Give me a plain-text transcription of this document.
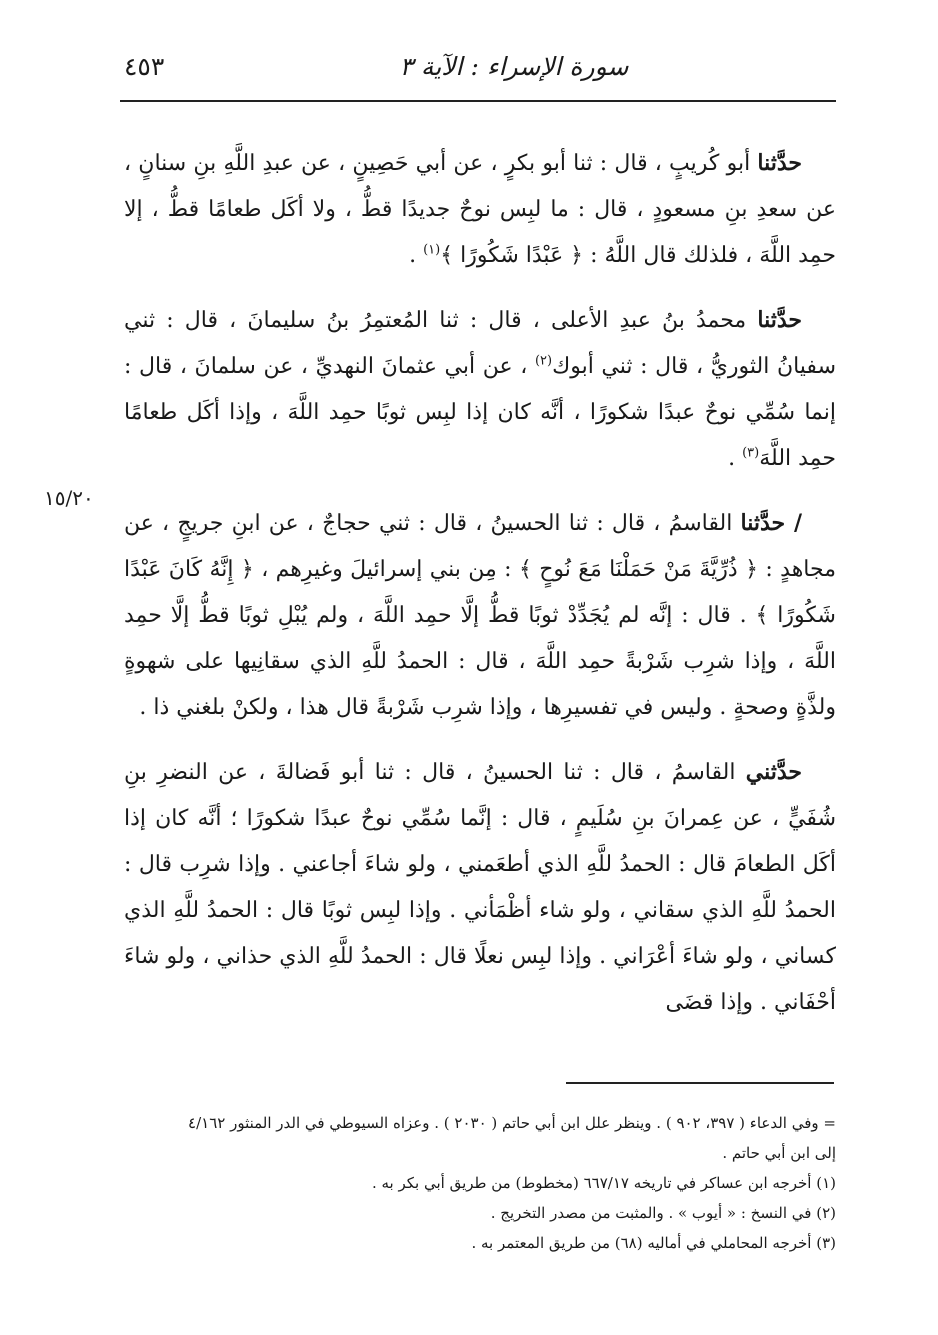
٤٥٣	سورة الإسراء : الآية ٣
١٥/٢٠

حدَّثنا أبو كُريبٍ ، قال : ثنا أبو بكرٍ ، عن أبي حَصِينٍ ، عن عبدِ اللَّهِ بنِ سنانٍ ، عن سعدِ بنِ مسعودٍ ، قال : ما لبِس نوحٌ جديدًا قطُّ ، ولا أكَل طعامًا قطُّ ، إلا حمِد اللَّهَ ، فلذلك قال اللَّهُ : ﴿ عَبْدًا شَكُورًا ﴾$^{(١)}$ .

حدَّثنا محمدُ بنُ عبدِ الأعلى ، قال : ثنا المُعتمِرُ بنُ سليمانَ ، قال : ثني سفيانُ الثوريُّ ، قال : ثني أبوك$^{(٢)}$ ، عن أبي عثمانَ النهديِّ ، عن سلمانَ ، قال : إنما سُمِّي نوحٌ عبدًا شكورًا ، أنَّه كان إذا لبِس ثوبًا حمِد اللَّهَ ، وإذا أكَل طعامًا حمِد اللَّهَ$^{(٣)}$ .

/ حدَّثنا القاسمُ ، قال : ثنا الحسينُ ، قال : ثني حجاجٌ ، عن ابنِ جريجٍ ، عن مجاهدٍ : ﴿ ذُرِّيَّةَ مَنْ حَمَلْنَا مَعَ نُوحٍ ﴾ : مِن بني إسرائيلَ وغيرِهم ، ﴿ إِنَّهُ كَانَ عَبْدًا شَكُورًا ﴾ . قال : إنَّه لم يُجَدِّدْ ثوبًا قطُّ إلَّا حمِد اللَّهَ ، ولم يُبْلِ ثوبًا قطُّ إلَّا حمِد اللَّهَ ، وإذا شرِب شَرْبةً حمِد اللَّهَ ، قال : الحمدُ للَّهِ الذي سقانِيها على شهوةٍ ولذَّةٍ وصحةٍ . وليس في تفسيرِها ، وإذا شرِب شَرْبةً قال هذا ، ولكنْ بلغني ذا .

حدَّثني القاسمُ ، قال : ثنا الحسينُ ، قال : ثنا أبو فَضالةَ ، عن النضرِ بنِ شُفَيٍّ ، عن عِمرانَ بنِ سُلَيمٍ ، قال : إنَّما سُمِّي نوحٌ عبدًا شكورًا ؛ أنَّه كان إذا أكَل الطعامَ قال : الحمدُ للَّهِ الذي أطعَمني ، ولو شاءَ أجاعني . وإذا شرِب قال : الحمدُ للَّهِ الذي سقاني ، ولو شاء أظْمَأني . وإذا لبِس ثوبًا قال : الحمدُ للَّهِ الذي كساني ، ولو شاءَ أعْرَاني . وإذا لبِس نعلًا قال : الحمدُ للَّهِ الذي حذاني ، ولو شاءَ أحْفَاني . وإذا قضَى

= وفي الدعاء ( ٣٩٧، ٩٠٢ ) . وينظر علل ابن أبي حاتم ( ٢٠٣٠ ) . وعزاه السيوطي في الدر المنثور ٤/١٦٢

إلى ابن أبي حاتم .

(١) أخرجه ابن عساكر في تاريخه ٦٦٧/١٧ (مخطوط) من طريق أبي بكر به .

(٢) في النسخ : « أيوب » . والمثبت من مصدر التخريج .

(٣) أخرجه المحاملي في أماليه (٦٨) من طريق المعتمر به .
